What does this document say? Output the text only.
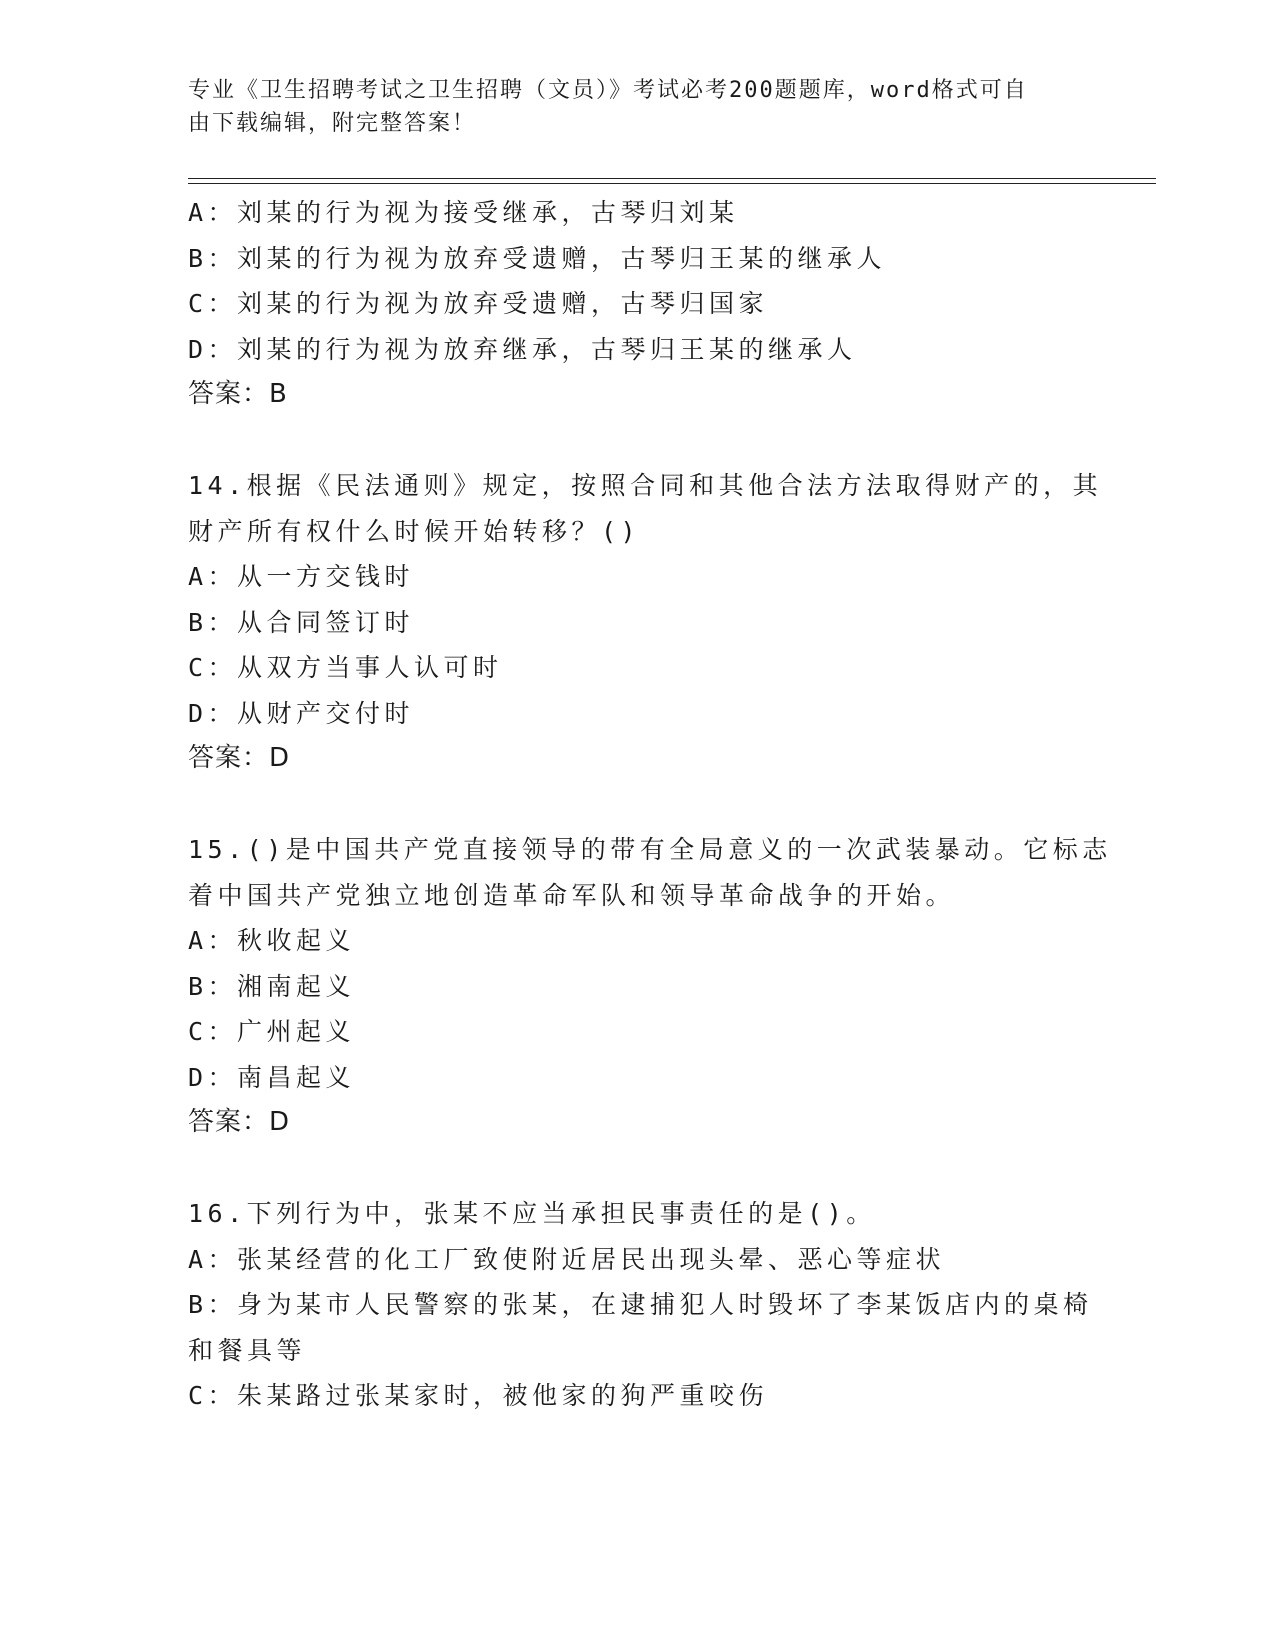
专业《卫生招聘考试之卫生招聘（文员）》考试必考200题题库，word格式可自
由下载编辑，附完整答案！
A：刘某的行为视为接受继承，古琴归刘某
B：刘某的行为视为放弃受遗赠，古琴归王某的继承人
C：刘某的行为视为放弃受遗赠，古琴归国家
D：刘某的行为视为放弃继承，古琴归王某的继承人
答案：B
14.根据《民法通则》规定，按照合同和其他合法方法取得财产的，其
财产所有权什么时候开始转移？()
A：从一方交钱时
B：从合同签订时
C：从双方当事人认可时
D：从财产交付时
答案：D
15.()是中国共产党直接领导的带有全局意义的一次武装暴动。它标志
着中国共产党独立地创造革命军队和领导革命战争的开始。
A：秋收起义
B：湘南起义
C：广州起义
D：南昌起义
答案：D
16.下列行为中，张某不应当承担民事责任的是()。
A：张某经营的化工厂致使附近居民出现头晕、恶心等症状
B：身为某市人民警察的张某，在逮捕犯人时毁坏了李某饭店内的桌椅
和餐具等
C：朱某路过张某家时，被他家的狗严重咬伤
